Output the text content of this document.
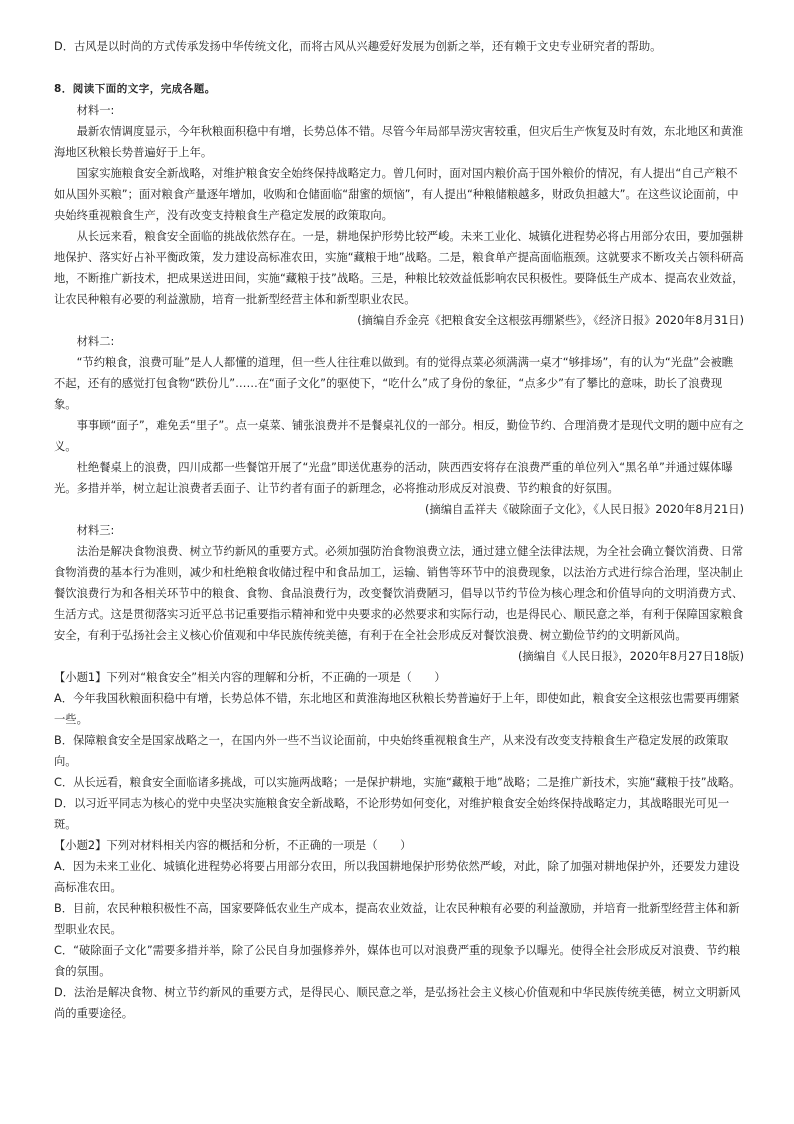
D．古风是以时尚的方式传承发扬中华传统文化，而将古风从兴趣爱好发展为创新之举，还有赖于文史专业研究者的帮助。

8．阅读下面的文字，完成各题。

材料一:

最新农情调度显示，今年秋粮面积稳中有增，长势总体不错。尽管今年局部旱涝灾害较重，但灾后生产恢复及时有效，东北地区和黄淮海地区秋粮长势普遍好于上年。

国家实施粮食安全新战略，对维护粮食安全始终保持战略定力。曾几何时，面对国内粮价高于国外粮价的情况，有人提出“自己产粮不如从国外买粮”；面对粮食产量逐年增加，收购和仓储面临“甜蜜的烦恼”，有人提出“种粮储粮越多，财政负担越大”。在这些议论面前，中央始终重视粮食生产，没有改变支持粮食生产稳定发展的政策取向。

从长远来看，粮食安全面临的挑战依然存在。一是，耕地保护形势比较严峻。未来工业化、城镇化进程势必将占用部分农田，要加强耕地保护、落实好占补平衡政策，发力建设高标准农田，实施“藏粮于地”战略。二是，粮食单产提高面临瓶颈。这就要求不断攻关占领科研高地，不断推广新技术，把成果送进田间，实施“藏粮于技”战略。三是，种粮比较效益低影响农民积极性。要降低生产成本、提高农业效益，让农民种粮有必要的利益激励，培育一批新型经营主体和新型职业农民。

(摘编自乔金亮《把粮食安全这根弦再绷紧些》，《经济日报》2020年8月31日)

材料二:

“节约粮食，浪费可耻”是人人都懂的道理，但一些人往往难以做到。有的觉得点菜必须满满一桌才“够排场”，有的认为“光盘”会被瞧不起，还有的感觉打包食物“跌份儿”……在“面子文化”的驱使下，“吃什么”成了身份的象征，“点多少”有了攀比的意味，助长了浪费现象。

事事顾“面子”，难免丢“里子”。点一桌菜、铺张浪费并不是餐桌礼仪的一部分。相反，勤俭节约、合理消费才是现代文明的题中应有之义。

杜绝餐桌上的浪费，四川成都一些餐馆开展了“光盘”即送优惠券的活动，陕西西安将存在浪费严重的单位列入“黑名单”并通过媒体曝光。多措并举，树立起让浪费者丢面子、让节约者有面子的新理念，必将推动形成反对浪费、节约粮食的好氛围。

(摘编自孟祥夫《破除面子文化》，《人民日报》2020年8月21日)

材料三:

法治是解决食物浪费、树立节约新风的重要方式。必须加强防治食物浪费立法，通过建立健全法律法规，为全社会确立餐饮消费、日常食物消费的基本行为准则，减少和杜绝粮食收储过程中和食品加工，运输、销售等环节中的浪费现象，以法治方式进行综合治理，坚决制止餐饮浪费行为和各相关环节中的粮食、食物、食品浪费行为，改变餐饮消费陋习，倡导以节约节俭为核心理念和价值导向的文明消费方式、生活方式。这是贯彻落实习近平总书记重要指示精神和党中央要求的必然要求和实际行动，也是得民心、顺民意之举，有利于保障国家粮食安全，有利于弘扬社会主义核心价值观和中华民族传统美德，有利于在全社会形成反对餐饮浪费、树立勤俭节约的文明新风尚。

(摘编自《人民日报》，2020年8月27日18版)

【小题1】下列对“粮食安全”相关内容的理解和分析，不正确的一项是（　　）

A．今年我国秋粮面积稳中有增，长势总体不错，东北地区和黄淮海地区秋粮长势普遍好于上年，即使如此，粮食安全这根弦也需要再绷紧一些。

B．保障粮食安全是国家战略之一，在国内外一些不当议论面前，中央始终重视粮食生产，从来没有改变支持粮食生产稳定发展的政策取向。

C．从长远看，粮食安全面临诸多挑战，可以实施两战略；一是保护耕地，实施“藏粮于地”战略；二是推广新技术，实施“藏粮于技”战略。

D．以习近平同志为核心的党中央坚决实施粮食安全新战略，不论形势如何变化，对维护粮食安全始终保持战略定力，其战略眼光可见一斑。

【小题2】下列对材料相关内容的概括和分析，不正确的一项是（　　）

A．因为未来工业化、城镇化进程势必将要占用部分农田，所以我国耕地保护形势依然严峻，对此，除了加强对耕地保护外，还要发力建设高标准农田。

B．目前，农民种粮积极性不高，国家要降低农业生产成本，提高农业效益，让农民种粮有必要的利益激励，并培育一批新型经营主体和新型职业农民。

C．“破除面子文化”需要多措并举，除了公民自身加强修养外，媒体也可以对浪费严重的现象予以曝光。使得全社会形成反对浪费、节约粮食的氛围。

D．法治是解决食物、树立节约新风的重要方式，是得民心、顺民意之举，是弘扬社会主义核心价值观和中华民族传统美德，树立文明新风尚的重要途径。
